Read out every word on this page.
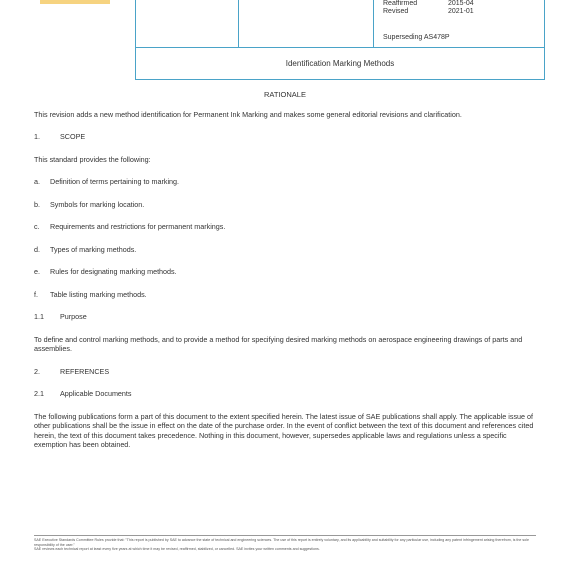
Reaffirmed	2015-04
Revised	2021-01
Superseding AS478P
Identification Marking Methods
RATIONALE

This revision adds a new method identification for Permanent Ink Marking and makes some general editorial revisions and clarification.

1.	SCOPE

This standard provides the following:

a.	Definition of terms pertaining to marking.
b.	Symbols for marking location.
c.	Requirements and restrictions for permanent markings.
d.	Types of marking methods.
e.	Rules for designating marking methods.
f.	Table listing marking methods.
1.1	Purpose

To define and control marking methods, and to provide a method for specifying desired marking methods on aerospace engineering drawings of parts and assemblies.

2.	REFERENCES
2.1	Applicable Documents

The following publications form a part of this document to the extent specified herein. The latest issue of SAE publications shall apply. The applicable issue of other publications shall be the issue in effect on the date of the purchase order. In the event of conflict between the text of this document and references cited herein, the text of this document takes precedence. Nothing in this document, however, supersedes applicable laws and regulations unless a specific exemption has been obtained.

SAE Executive Standards Committee Rules provide that: "This report is published by SAE to advance the state of technical and engineering sciences. The use of this report is entirely voluntary, and its applicability and suitability for any particular use, including any patent infringement arising therefrom, is the sole responsibility of the user."
SAE reviews each technical report at least every five years at which time it may be revised, reaffirmed, stabilized, or cancelled. SAE invites your written comments and suggestions.
